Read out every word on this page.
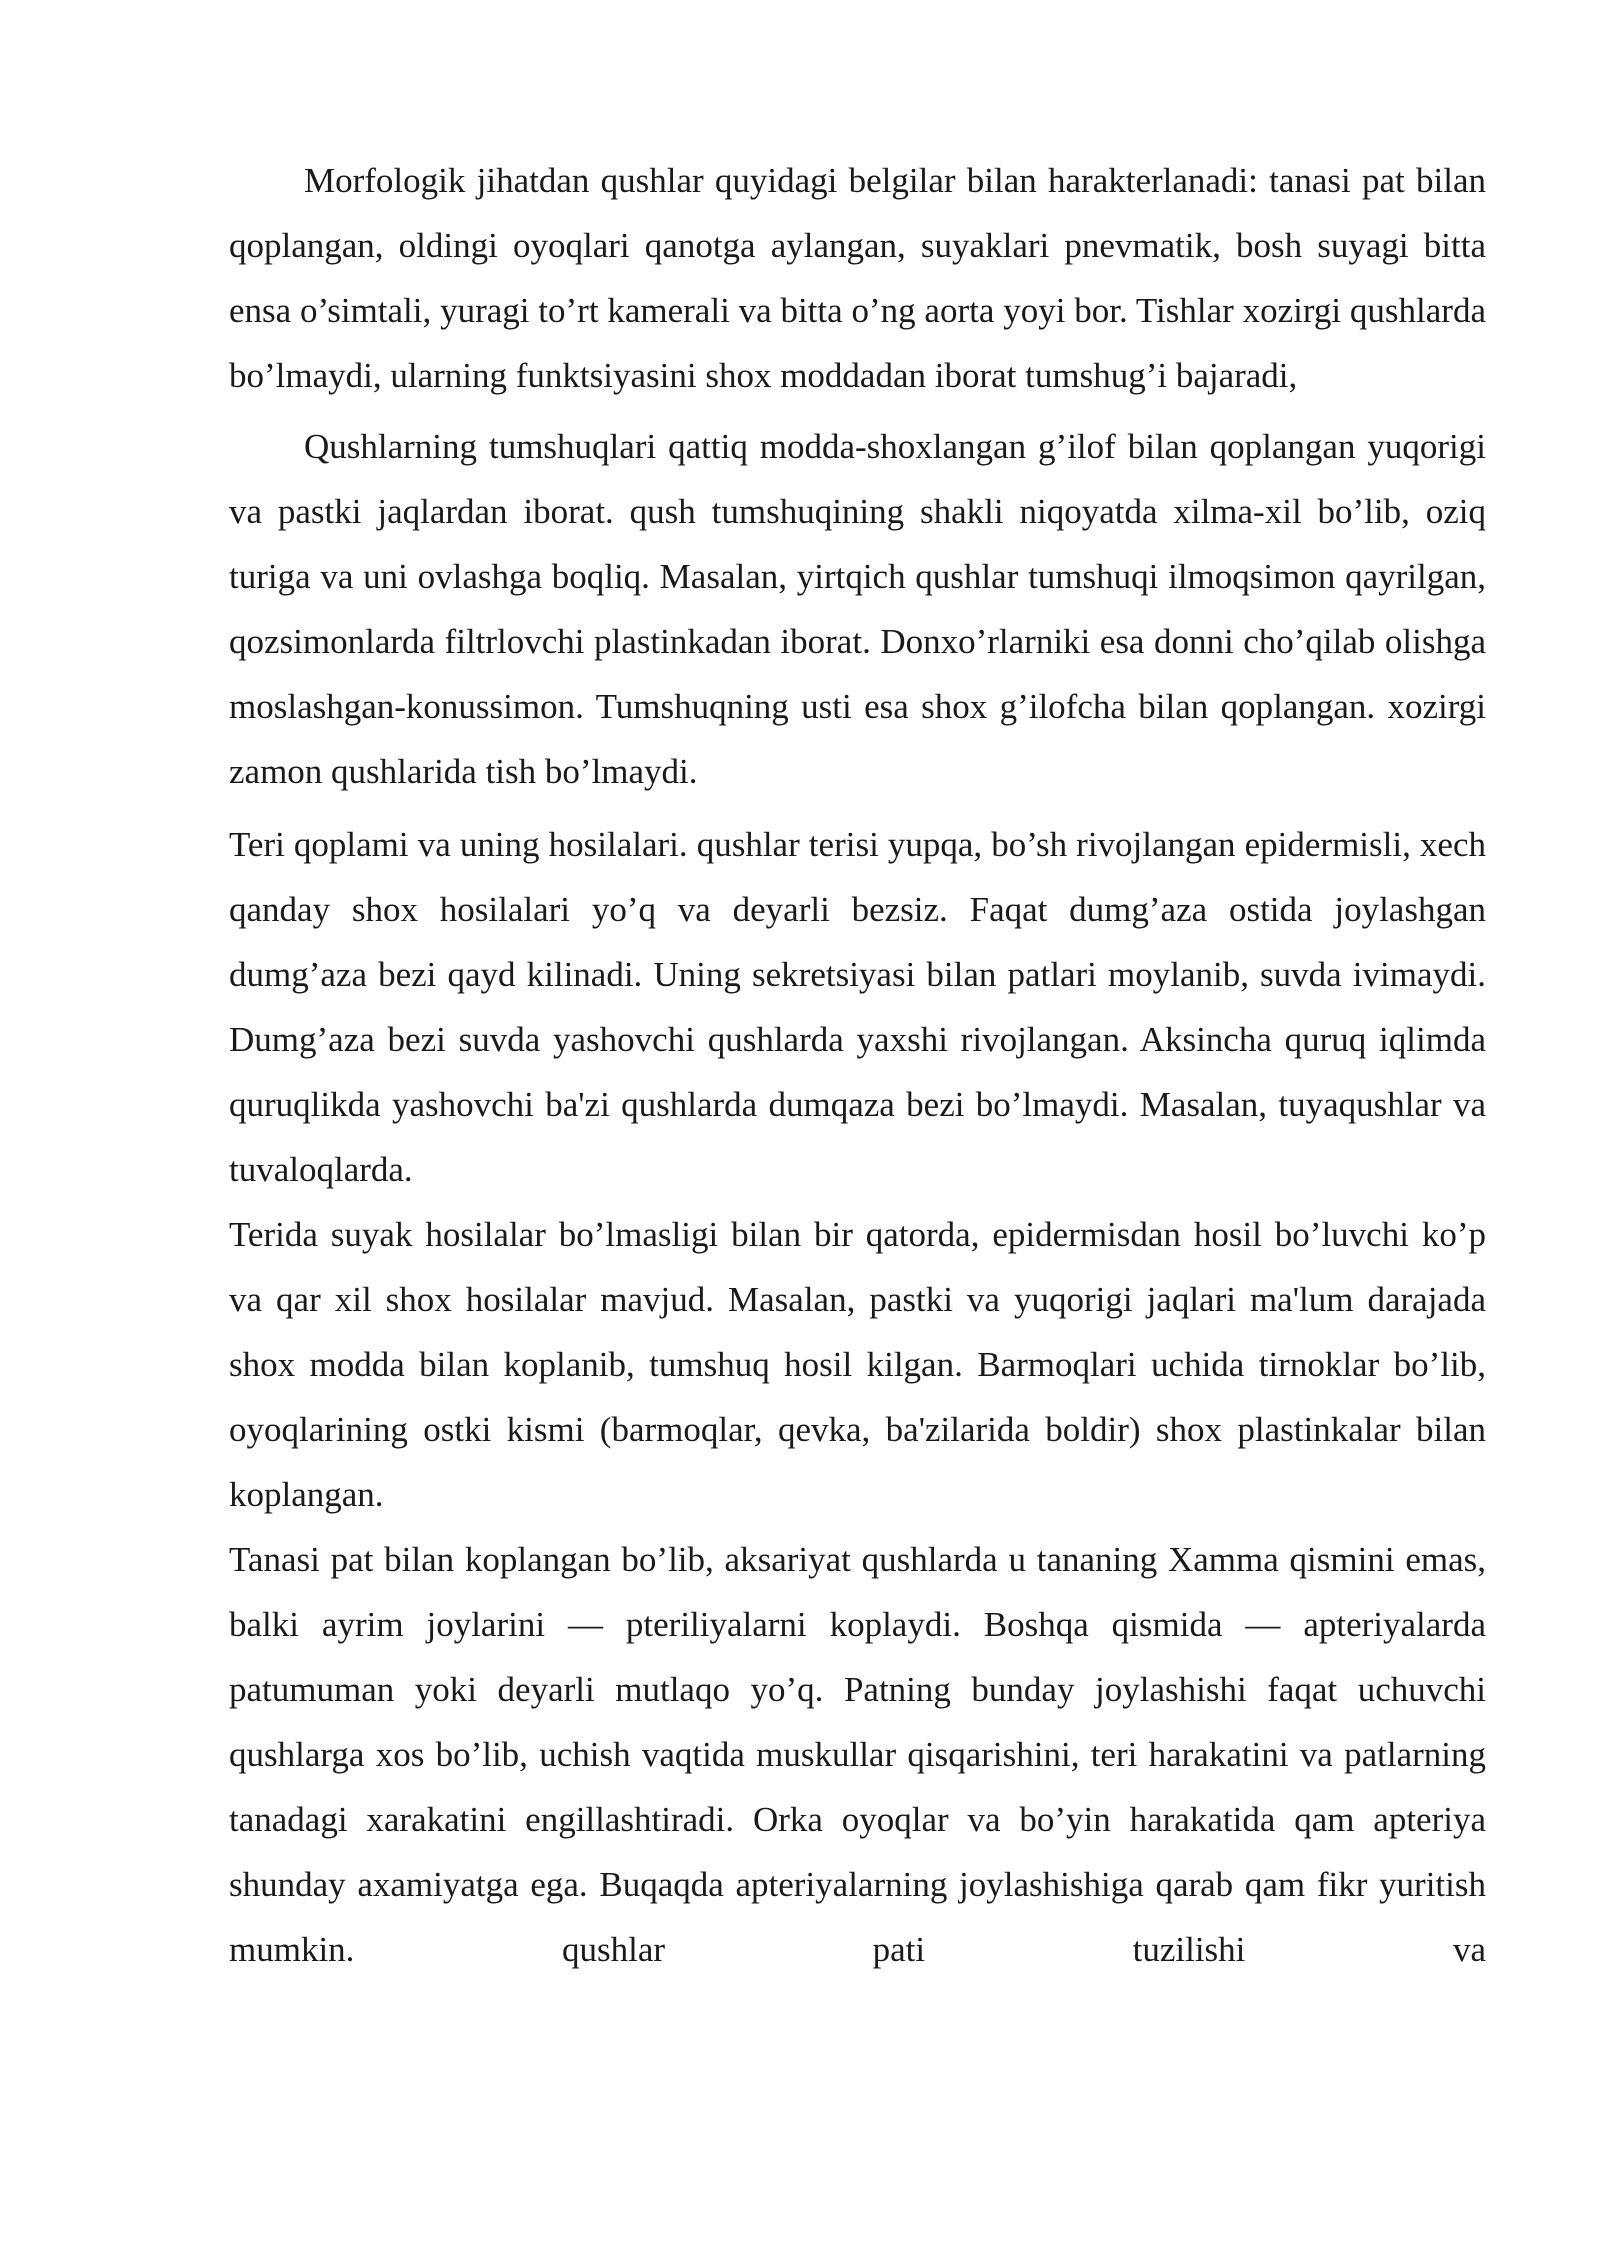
Morfologik jihatdan qushlar quyidagi belgilar bilan harakterlanadi: tanasi pat bilan qoplangan, oldingi oyoqlari qanotga aylangan, suyaklari pnevmatik, bosh suyagi bitta ensa o’simtali, yuragi to’rt kamerali va bitta o’ng aorta yoyi bor. Tishlar xozirgi qushlarda bo’lmaydi, ularning funktsiyasini shox moddadan iborat tumshug’i bajaradi,

Qushlarning tumshuqlari qattiq modda-shoxlangan g’ilof bilan qoplangan yuqorigi va pastki jaqlardan iborat. qush tumshuqining shakli niqoyatda xilma-xil bo’lib, oziq turiga va uni ovlashga boqliq. Masalan, yirtqich qushlar tumshuqi ilmoqsimon qayrilgan, qozsimonlarda filtrlovchi plastinkadan iborat. Donxo’rlarniki esa donni cho’qilab olishga moslashgan-konussimon. Tumshuqning usti esa shox g’ilofcha bilan qoplangan. xozirgi zamon qushlarida tish bo’lmaydi.

Teri qoplami va uning hosilalari. qushlar terisi yupqa, bo’sh rivojlangan epidermisli, xech qanday shox hosilalari yo’q va deyarli bezsiz. Faqat dumg’aza ostida joylashgan dumg’aza bezi qayd kilinadi. Uning sekretsiyasi bilan patlari moylanib, suvda ivimaydi. Dumg’aza bezi suvda yashovchi qushlarda yaxshi rivojlangan. Aksincha quruq iqlimda quruqlikda yashovchi ba'zi qushlarda dumqaza bezi bo’lmaydi. Masalan, tuyaqushlar va tuvaloqlarda.

Terida suyak hosilalar bo’lmasligi bilan bir qatorda, epidermisdan hosil bo’luvchi ko’p va qar xil shox hosilalar mavjud. Masalan, pastki va yuqorigi jaqlari ma'lum darajada shox modda bilan koplanib, tumshuq hosil kilgan. Barmoqlari uchida tirnoklar bo’lib, oyoqlarining ostki kismi (barmoqlar, qevka, ba'zilarida boldir) shox plastinkalar bilan koplangan.

Tanasi pat bilan koplangan bo’lib, aksariyat qushlarda u tananing Xamma qismini emas, balki ayrim joylarini — pteriliyalarni koplaydi. Boshqa qismida — apteriyalarda patumuman yoki deyarli mutlaqo yo’q. Patning bunday joylashishi faqat uchuvchi qushlarga xos bo’lib, uchish vaqtida muskullar qisqarishini, teri harakatini va patlarning tanadagi xarakatini engillashtiradi. Orka oyoqlar va bo’yin harakatida qam apteriya shunday axamiyatga ega. Buqaqda apteriyalarning joylashishiga qarab qam fikr yuritish mumkin. qushlar pati tuzilishi va
